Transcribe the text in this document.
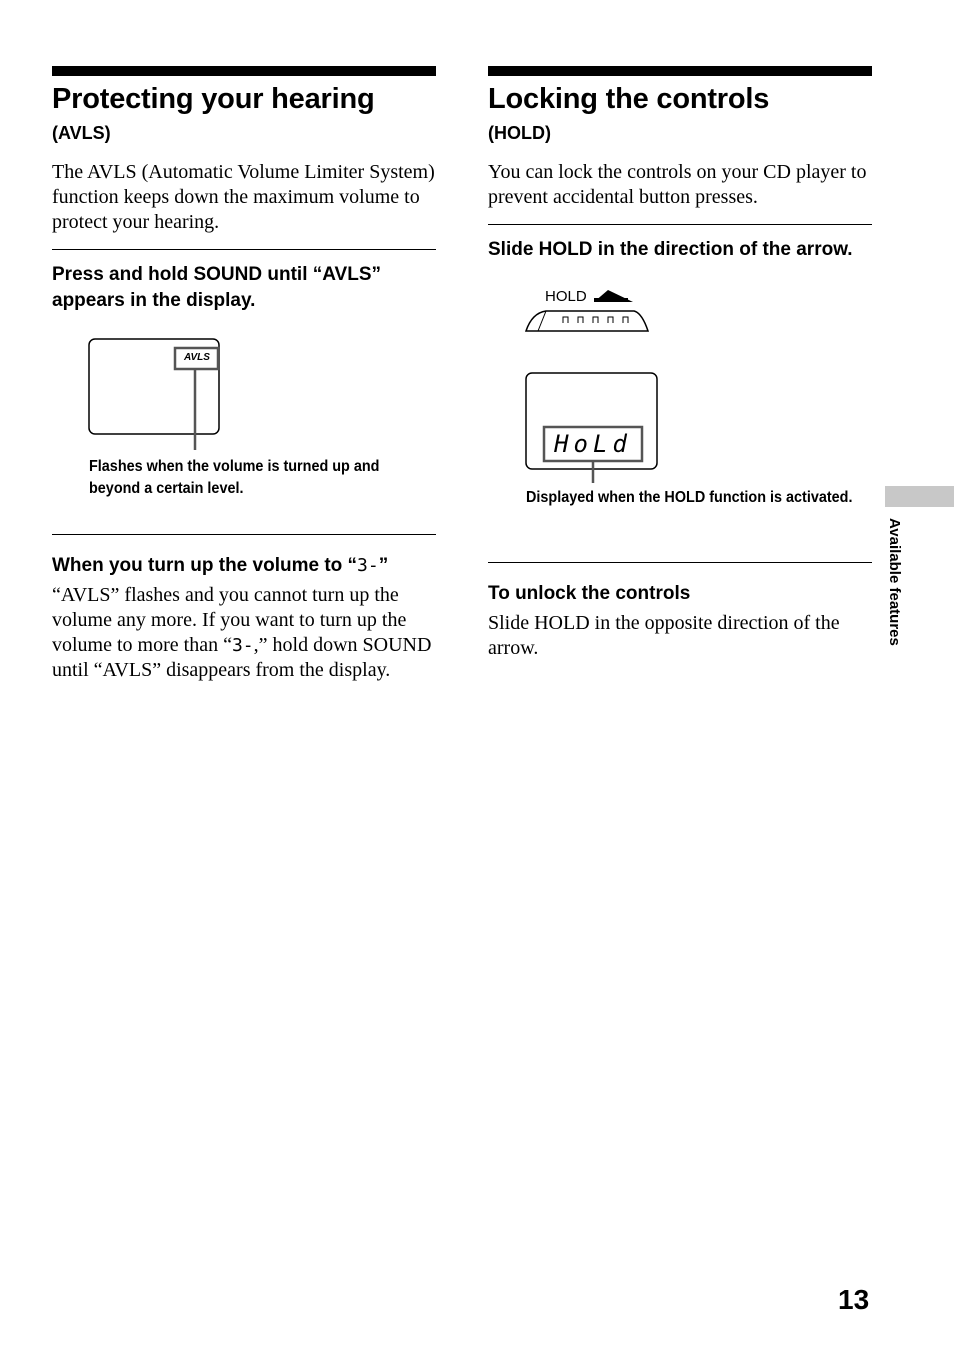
Protecting your hearing
(AVLS)

The AVLS (Automatic Volume Limiter System) function keeps down the maximum volume to protect your hearing.

Press and hold SOUND until “AVLS” appears in the display.
AVLS
Flashes when the volume is turned up and beyond a certain level.
When you turn up the volume to “3-”

“AVLS” flashes and you cannot turn up the volume any more. If you want to turn up the volume to more than “3-,” hold down SOUND until “AVLS” disappears from the display.

Locking the controls
(HOLD)

You can lock the controls on your CD player to prevent accidental button presses.

Slide HOLD in the direction of the arrow.
HOLD
HoLd
Displayed when the HOLD function is activated.
To unlock the controls

Slide HOLD in the opposite direction of the arrow.

Available features
13
